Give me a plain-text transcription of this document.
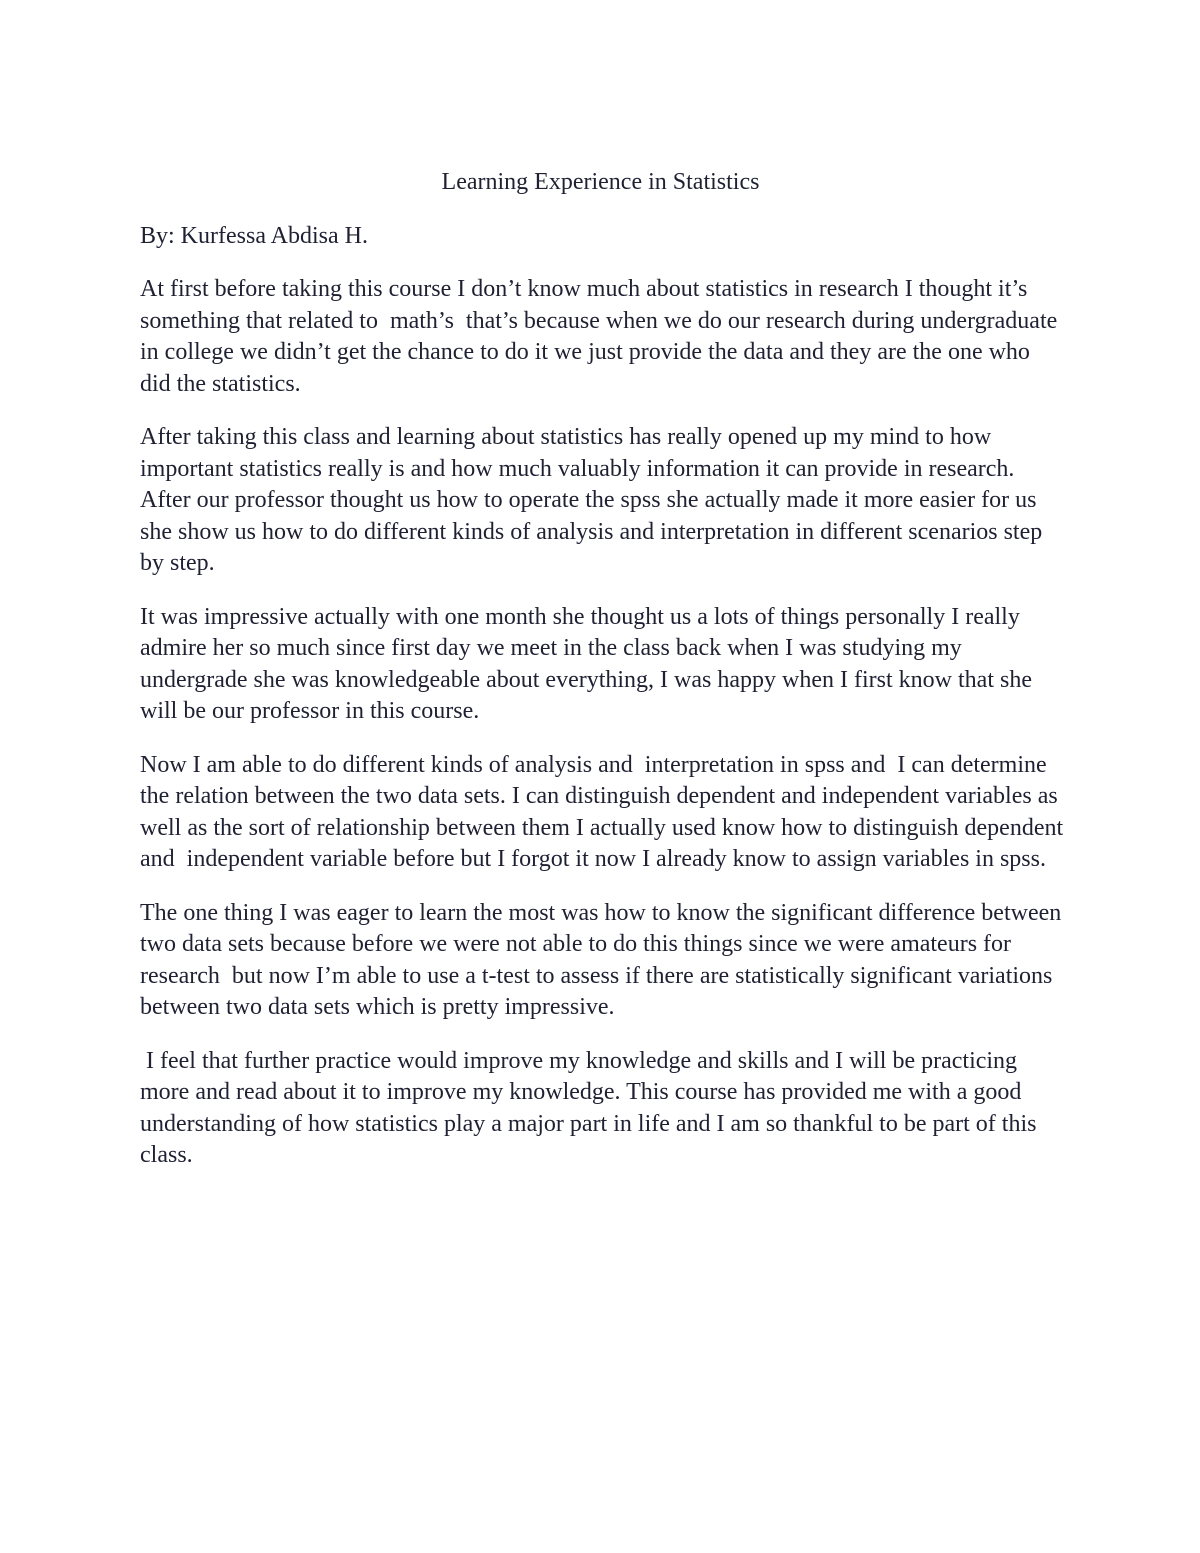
Learning Experience in Statistics

By: Kurfessa Abdisa H.

At first before taking this course I don’t know much about statistics in research I thought it’s something that related to  math’s  that’s because when we do our research during undergraduate in college we didn’t get the chance to do it we just provide the data and they are the one who did the statistics.

After taking this class and learning about statistics has really opened up my mind to how important statistics really is and how much valuably information it can provide in research. After our professor thought us how to operate the spss she actually made it more easier for us she show us how to do different kinds of analysis and interpretation in different scenarios step by step.

It was impressive actually with one month she thought us a lots of things personally I really admire her so much since first day we meet in the class back when I was studying my undergrade she was knowledgeable about everything, I was happy when I first know that she will be our professor in this course.

Now I am able to do different kinds of analysis and  interpretation in spss and  I can determine the relation between the two data sets. I can distinguish dependent and independent variables as well as the sort of relationship between them I actually used know how to distinguish dependent and  independent variable before but I forgot it now I already know to assign variables in spss.

The one thing I was eager to learn the most was how to know the significant difference between two data sets because before we were not able to do this things since we were amateurs for research  but now I’m able to use a t-test to assess if there are statistically significant variations between two data sets which is pretty impressive.

I feel that further practice would improve my knowledge and skills and I will be practicing more and read about it to improve my knowledge. This course has provided me with a good understanding of how statistics play a major part in life and I am so thankful to be part of this class.
